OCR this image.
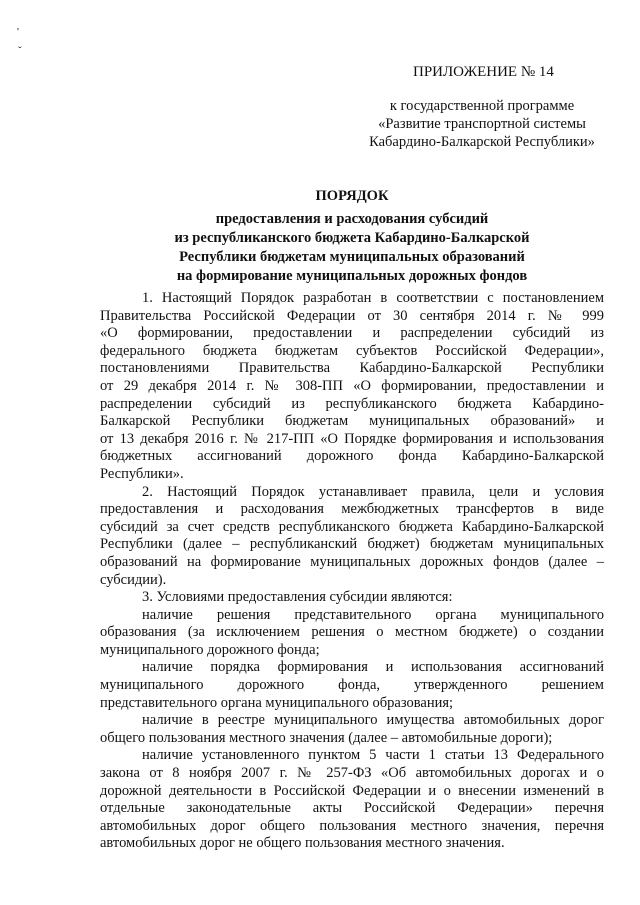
'
ˇ
ПРИЛОЖЕНИЕ № 14
к государственной программе
«Развитие транспортной системы
Кабардино-Балкарской Республики»
ПОРЯДОК
предоставления и расходования субсидий
из республиканского бюджета Кабардино-Балкарской
Республики бюджетам муниципальных образований
на формирование муниципальных дорожных фондов
1. Настоящий Порядок разработан в соответствии с постановлением
Правительства Российской Федерации от 30 сентября 2014 г. № 999
«О формировании, предоставлении и распределении субсидий из
федерального бюджета бюджетам субъектов Российской Федерации»,
постановлениями Правительства Кабардино-Балкарской Республики
от 29 декабря 2014 г. № 308-ПП «О формировании, предоставлении и
распределении субсидий из республиканского бюджета Кабардино-
Балкарской Республики бюджетам муниципальных образований» и
от 13 декабря 2016 г. № 217-ПП «О Порядке формирования и использования
бюджетных ассигнований дорожного фонда Кабардино-Балкарской
Республики».
2. Настоящий Порядок устанавливает правила, цели и условия
предоставления и расходования межбюджетных трансфертов в виде
субсидий за счет средств республиканского бюджета Кабардино-Балкарской
Республики (далее – республиканский бюджет) бюджетам муниципальных
образований на формирование муниципальных дорожных фондов (далее –
субсидии).
3. Условиями предоставления субсидии являются:
наличие решения представительного органа муниципального
образования (за исключением решения о местном бюджете) о создании
муниципального дорожного фонда;
наличие порядка формирования и использования ассигнований
муниципального дорожного фонда, утвержденного решением
представительного органа муниципального образования;
наличие в реестре муниципального имущества автомобильных дорог
общего пользования местного значения (далее – автомобильные дороги);
наличие установленного пунктом 5 части 1 статьи 13 Федерального
закона от 8 ноября 2007 г. № 257-ФЗ «Об автомобильных дорогах и о
дорожной деятельности в Российской Федерации и о внесении изменений в
отдельные законодательные акты Российской Федерации» перечня
автомобильных дорог общего пользования местного значения, перечня
автомобильных дорог не общего пользования местного значения.
